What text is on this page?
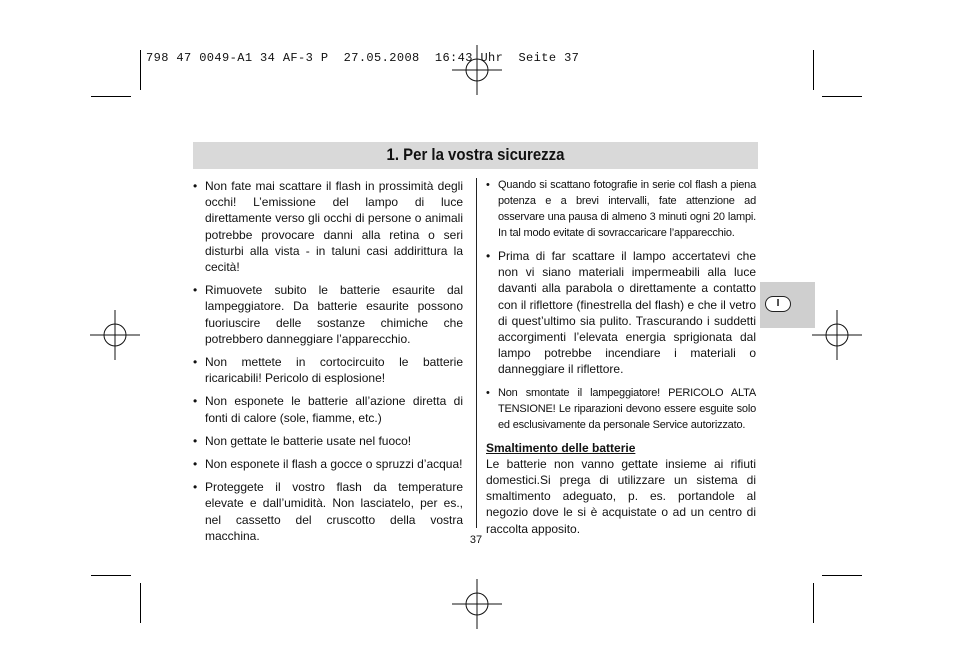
798 47 0049-A1 34 AF-3 P  27.05.2008  16:43 Uhr  Seite 37
1. Per la vostra sicurezza
• Non fate mai scattare il flash in prossimità degli occhi! L’emissione del lampo di luce direttamente verso gli occhi di persone o animali potrebbe provocare danni alla retina o seri disturbi alla vista - in taluni casi addirittura la cecità!
• Rimuovete subito le batterie esaurite dal lampeggiatore. Da batterie esaurite possono fuoriuscire delle sostanze chimiche che potrebbero danneggiare l’apparecchio.
• Non mettete in cortocircuito le batterie ricaricabili! Pericolo di esplosione!
• Non esponete le batterie all’azione diretta di fonti di calore (sole, fiamme, etc.)
• Non gettate le batterie usate nel fuoco!
• Non esponete il flash a gocce o spruzzi d’acqua!
• Proteggete il vostro flash da temperature elevate e dall’umidità. Non lasciatelo, per es., nel cassetto del cruscotto della vostra macchina.
• Quando si scattano fotografie in serie col flash a piena potenza e a brevi intervalli, fate attenzione ad osservare una pausa di almeno 3 minuti ogni 20 lampi. In tal modo evitate di sovraccaricare l’apparecchio.
• Prima di far scattare il lampo accertatevi che non vi siano materiali impermeabili alla luce davanti alla parabola o direttamente a contatto con il riflettore (finestrella del flash) e che il vetro di quest’ultimo sia pulito. Trascurando i suddetti accorgimenti l’elevata energia sprigionata dal lampo potrebbe incendiare i materiali o danneggiare il riflettore.
• Non smontate il lampeggiatore! PERICOLO ALTA TENSIONE! Le riparazioni devono essere esguite solo ed esclusivamente da personale Service autorizzato.
Smaltimento delle batterie
Le batterie non vanno gettate insieme ai rifiuti domestici.Si prega di utilizzare un sistema di smaltimento adeguato, p. es. portandole al negozio dove le si è acquistate o ad un centro di raccolta apposito.
37
I
